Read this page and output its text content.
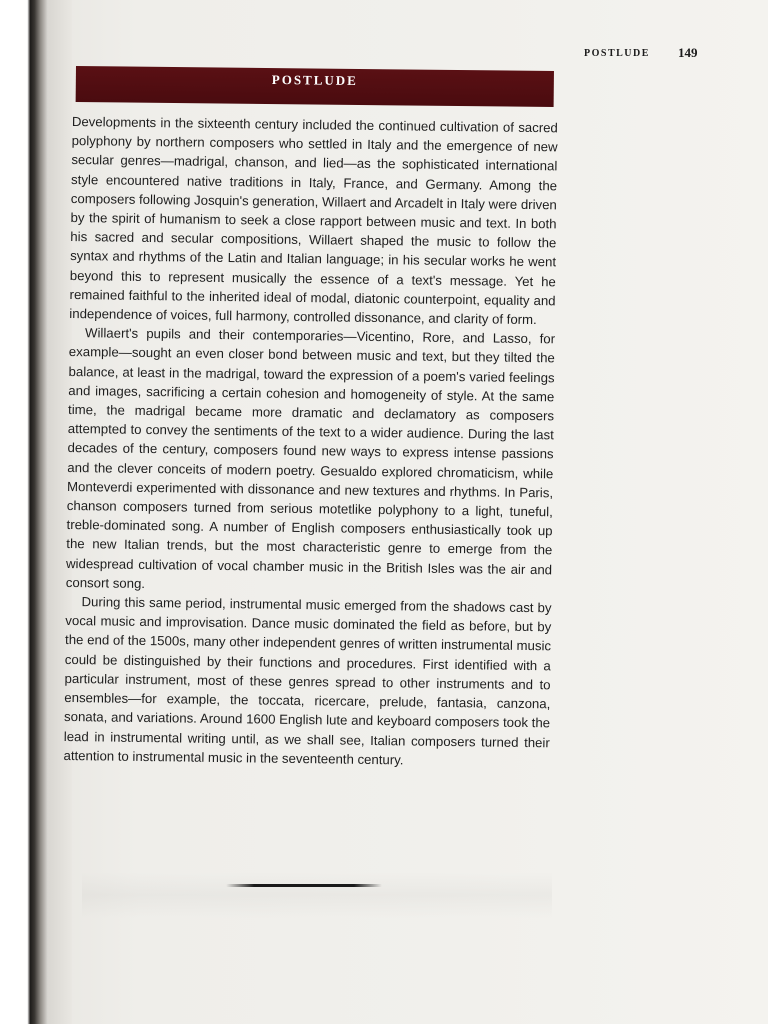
POSTLUDE 149
POSTLUDE

Developments in the sixteenth century included the continued cultivation of sacred polyphony by northern composers who settled in Italy and the emergence of new secular genres—madrigal, chanson, and lied—as the sophisticated international style encountered native traditions in Italy, France, and Germany. Among the composers following Josquin's generation, Willaert and Arcadelt in Italy were driven by the spirit of humanism to seek a close rapport between music and text. In both his sacred and secular compositions, Willaert shaped the music to follow the syntax and rhythms of the Latin and Italian language; in his secular works he went beyond this to represent musically the essence of a text's message. Yet he remained faithful to the inherited ideal of modal, diatonic counterpoint, equality and independence of voices, full harmony, controlled dissonance, and clarity of form.

Willaert's pupils and their contemporaries—Vicentino, Rore, and Lasso, for example—sought an even closer bond between music and text, but they tilted the balance, at least in the madrigal, toward the expression of a poem's varied feelings and images, sacrificing a certain cohesion and homogeneity of style. At the same time, the madrigal became more dramatic and declamatory as composers attempted to convey the sentiments of the text to a wider audience. During the last decades of the century, composers found new ways to express intense passions and the clever conceits of modern poetry. Gesualdo explored chromaticism, while Monteverdi experimented with dissonance and new textures and rhythms. In Paris, chanson composers turned from serious motetlike polyphony to a light, tuneful, treble-dominated song. A number of English composers enthusiastically took up the new Italian trends, but the most characteristic genre to emerge from the widespread cultivation of vocal chamber music in the British Isles was the air and consort song.

During this same period, instrumental music emerged from the shadows cast by vocal music and improvisation. Dance music dominated the field as before, but by the end of the 1500s, many other independent genres of written instrumental music could be distinguished by their functions and procedures. First identified with a particular instrument, most of these genres spread to other instruments and to ensembles—for example, the toccata, ricercare, prelude, fantasia, canzona, sonata, and variations. Around 1600 English lute and keyboard composers took the lead in instrumental writing until, as we shall see, Italian composers turned their attention to instrumental music in the seventeenth century.
